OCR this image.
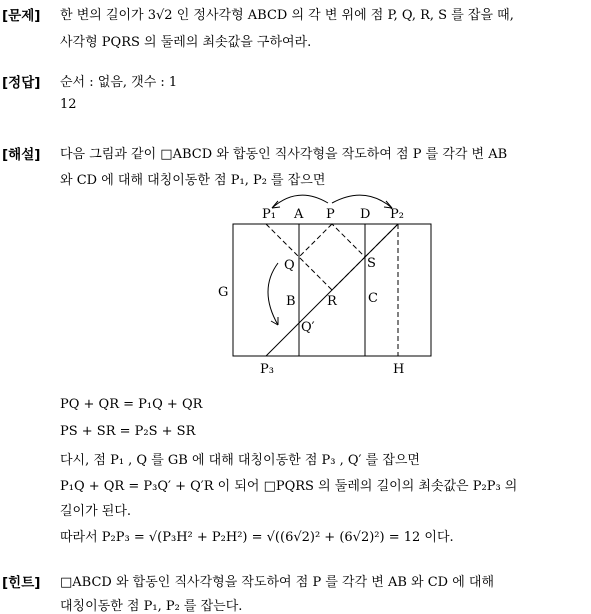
[문제] 한 변의 길이가 3√2 인 정사각형 ABCD 의 각 변 위에 점 P, Q, R, S 를 잡을 때,
사각형 PQRS 의 둘레의 최솟값을 구하여라.
[정답] 순서 : 없음, 갯수 : 1
12
[해설] 다음 그림과 같이 □ABCD 와 합동인 직사각형을 작도하여 점 P 를 각각 변 AB
와 CD 에 대해 대칭이동한 점 P₁, P₂ 를 잡으면
P₁ A P D P₂
Q	S
R
Q′
G
B	C
P₃	H
PQ + QR = P₁Q + QR
PS + SR = P₂S + SR
다시, 점 P₁ , Q 를 GB 에 대해 대칭이동한 점 P₃ , Q′ 를 잡으면
P₁Q + QR = P₃Q′ + Q′R 이 되어 □PQRS 의 둘레의 길이의 최솟값은 P₂P₃ 의
길이가 된다.
따라서 P₂P₃ = √(P₃H² + P₂H²) = √((6√2)² + (6√2)²) = 12 이다.
[힌트] □ABCD 와 합동인 직사각형을 작도하여 점 P 를 각각 변 AB 와 CD 에 대해
대칭이동한 점 P₁, P₂ 를 잡는다.
